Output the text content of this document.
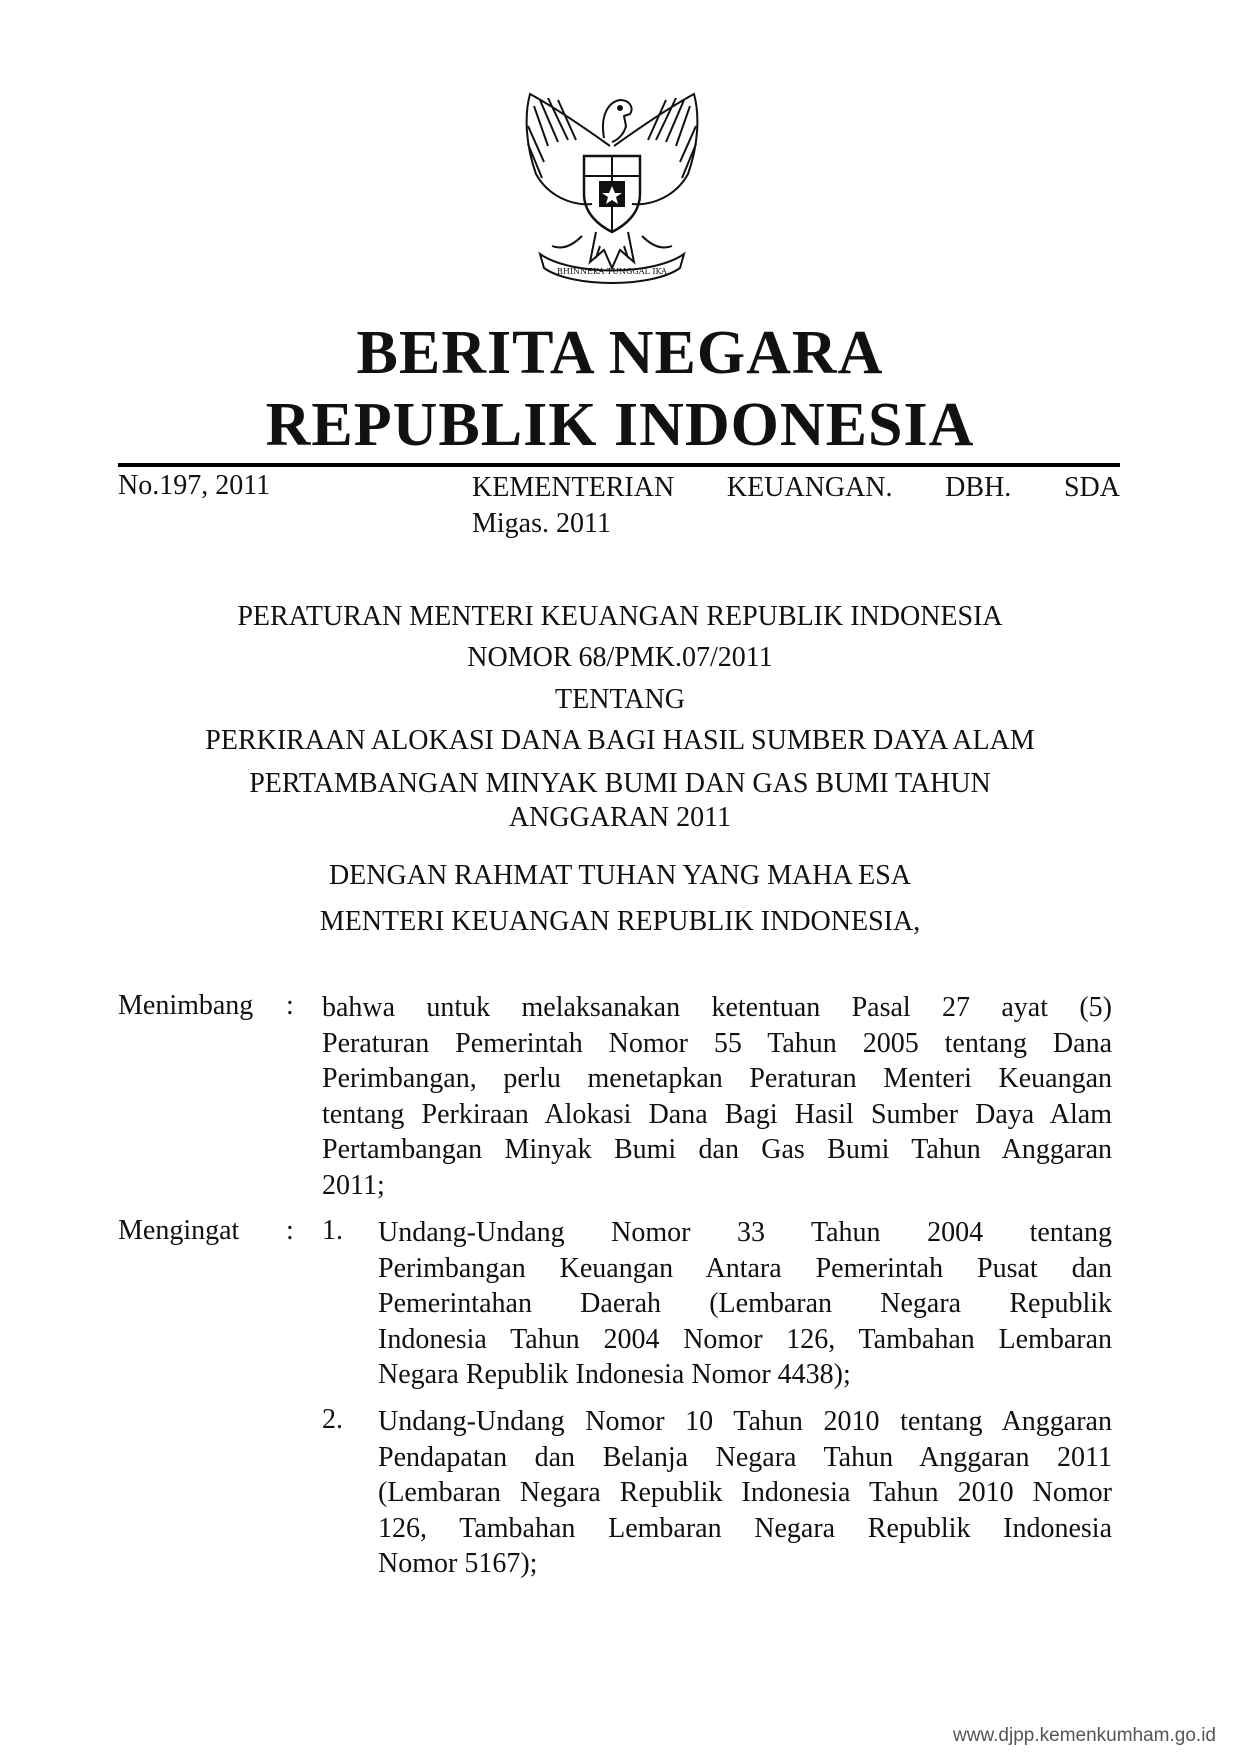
BHINNEKA TUNGGAL IKA
BERITA NEGARA
REPUBLIK INDONESIA
No.197, 2011	KEMENTERIAN KEUANGAN. DBH. SDA
Migas. 2011
PERATURAN MENTERI KEUANGAN REPUBLIK INDONESIA
NOMOR 68/PMK.07/2011
TENTANG
PERKIRAAN ALOKASI DANA BAGI HASIL SUMBER DAYA ALAM
PERTAMBANGAN MINYAK BUMI DAN GAS BUMI TAHUN
ANGGARAN 2011
DENGAN RAHMAT TUHAN YANG MAHA ESA
MENTERI KEUANGAN REPUBLIK INDONESIA,
Menimbang : bahwa untuk melaksanakan ketentuan Pasal 27 ayat (5)
Peraturan Pemerintah Nomor 55 Tahun 2005 tentang Dana
Perimbangan, perlu menetapkan Peraturan Menteri Keuangan
tentang Perkiraan Alokasi Dana Bagi Hasil Sumber Daya Alam
Pertambangan Minyak Bumi dan Gas Bumi Tahun Anggaran
2011;
Mengingat : 1. Undang-Undang Nomor 33 Tahun 2004 tentang
Perimbangan Keuangan Antara Pemerintah Pusat dan
Pemerintahan Daerah (Lembaran Negara Republik
Indonesia Tahun 2004 Nomor 126, Tambahan Lembaran
Negara Republik Indonesia Nomor 4438);
2. Undang-Undang Nomor 10 Tahun 2010 tentang Anggaran
Pendapatan dan Belanja Negara Tahun Anggaran 2011
(Lembaran Negara Republik Indonesia Tahun 2010 Nomor
126, Tambahan Lembaran Negara Republik Indonesia
Nomor 5167);
www.djpp.kemenkumham.go.id
